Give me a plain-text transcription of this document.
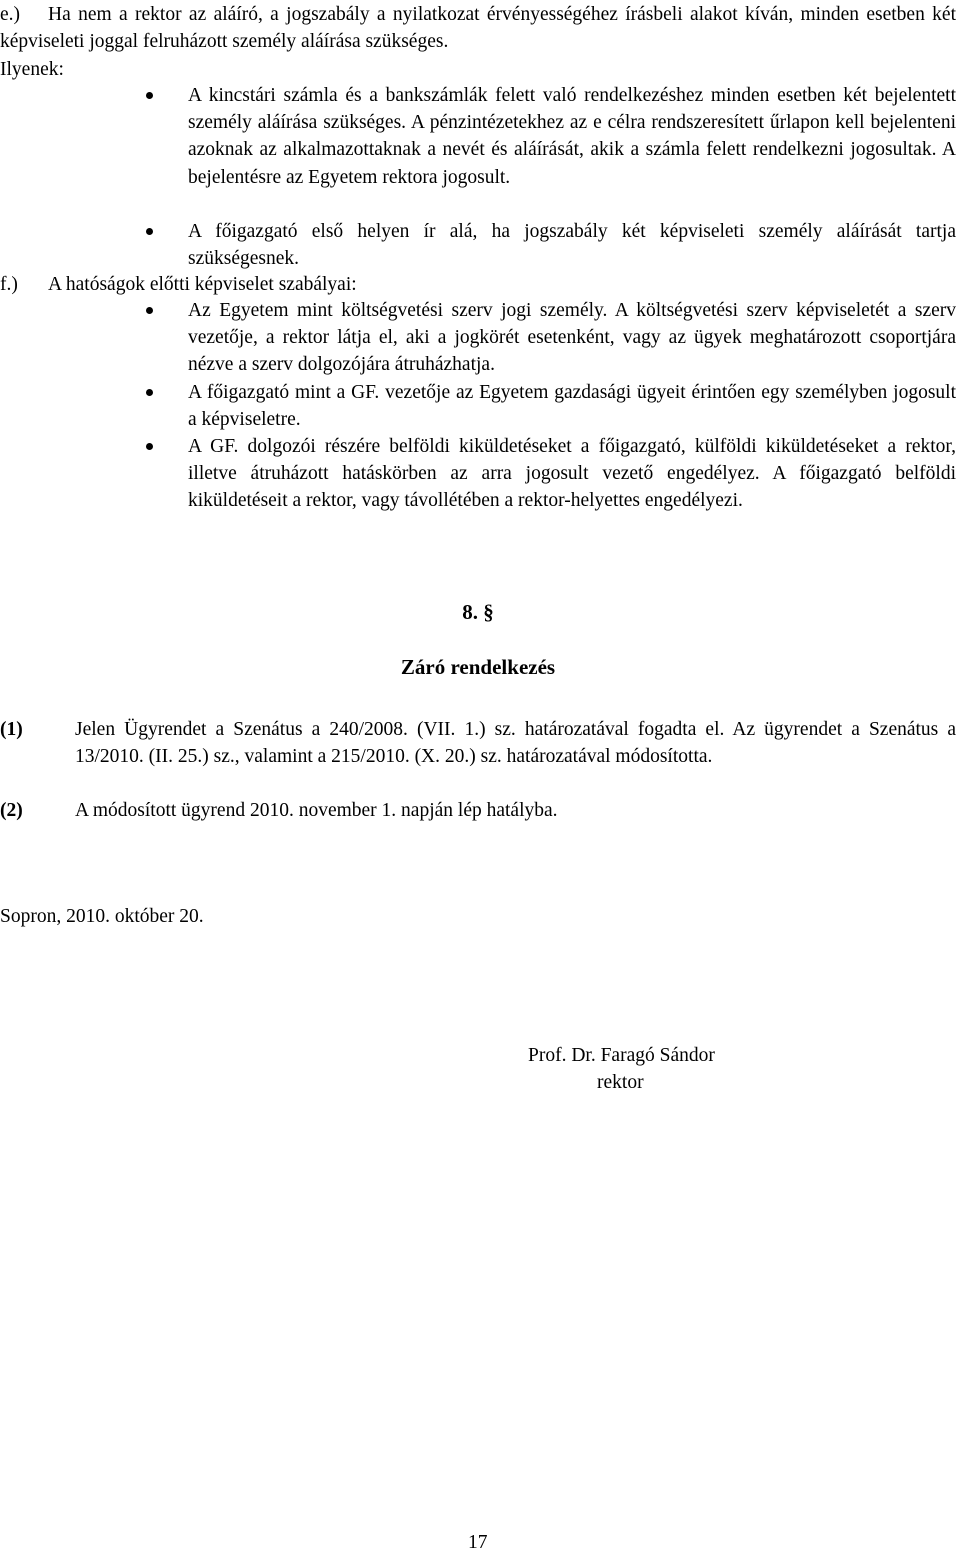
e.)	Ha nem a rektor az aláíró, a jogszabály a nyilatkozat érvényességéhez írásbeli alakot kíván, minden esetben két képviseleti joggal felruházott személy aláírása szükséges.
Ilyenek:
A kincstári számla és a bankszámlák felett való rendelkezéshez minden esetben két bejelentett személy aláírása szükséges. A pénzintézetekhez az e célra rendszeresített űrlapon kell bejelenteni azoknak az alkalmazottaknak a nevét és aláírását, akik a számla felett rendelkezni jogosultak. A bejelentésre az Egyetem rektora jogosult.
A főigazgató első helyen ír alá, ha jogszabály két képviseleti személy aláírását tartja szükségesnek.
f.) A hatóságok előtti képviselet szabályai:
Az Egyetem mint költségvetési szerv jogi személy. A költségvetési szerv képviseletét a szerv vezetője, a rektor látja el, aki a jogkörét esetenként, vagy az ügyek meghatározott csoportjára nézve a szerv dolgozójára átruházhatja.
A főigazgató mint a GF. vezetője az Egyetem gazdasági ügyeit érintően egy személyben jogosult a képviseletre.
A GF. dolgozói részére belföldi kiküldetéseket a főigazgató, külföldi kiküldetéseket a rektor, illetve átruházott hatáskörben az arra jogosult vezető engedélyez. A főigazgató belföldi kiküldetéseit a rektor, vagy távollétében a rektor-helyettes engedélyezi.
8. §
Záró rendelkezés
(1)	Jelen Ügyrendet a Szenátus a 240/2008. (VII. 1.) sz. határozatával fogadta el. Az ügyrendet a Szenátus a 13/2010. (II. 25.) sz., valamint a 215/2010. (X. 20.) sz. határozatával módosította.
(2)	A módosított ügyrend 2010. november 1. napján lép hatályba.
Sopron, 2010. október 20.
Prof. Dr. Faragó Sándor
rektor
17
